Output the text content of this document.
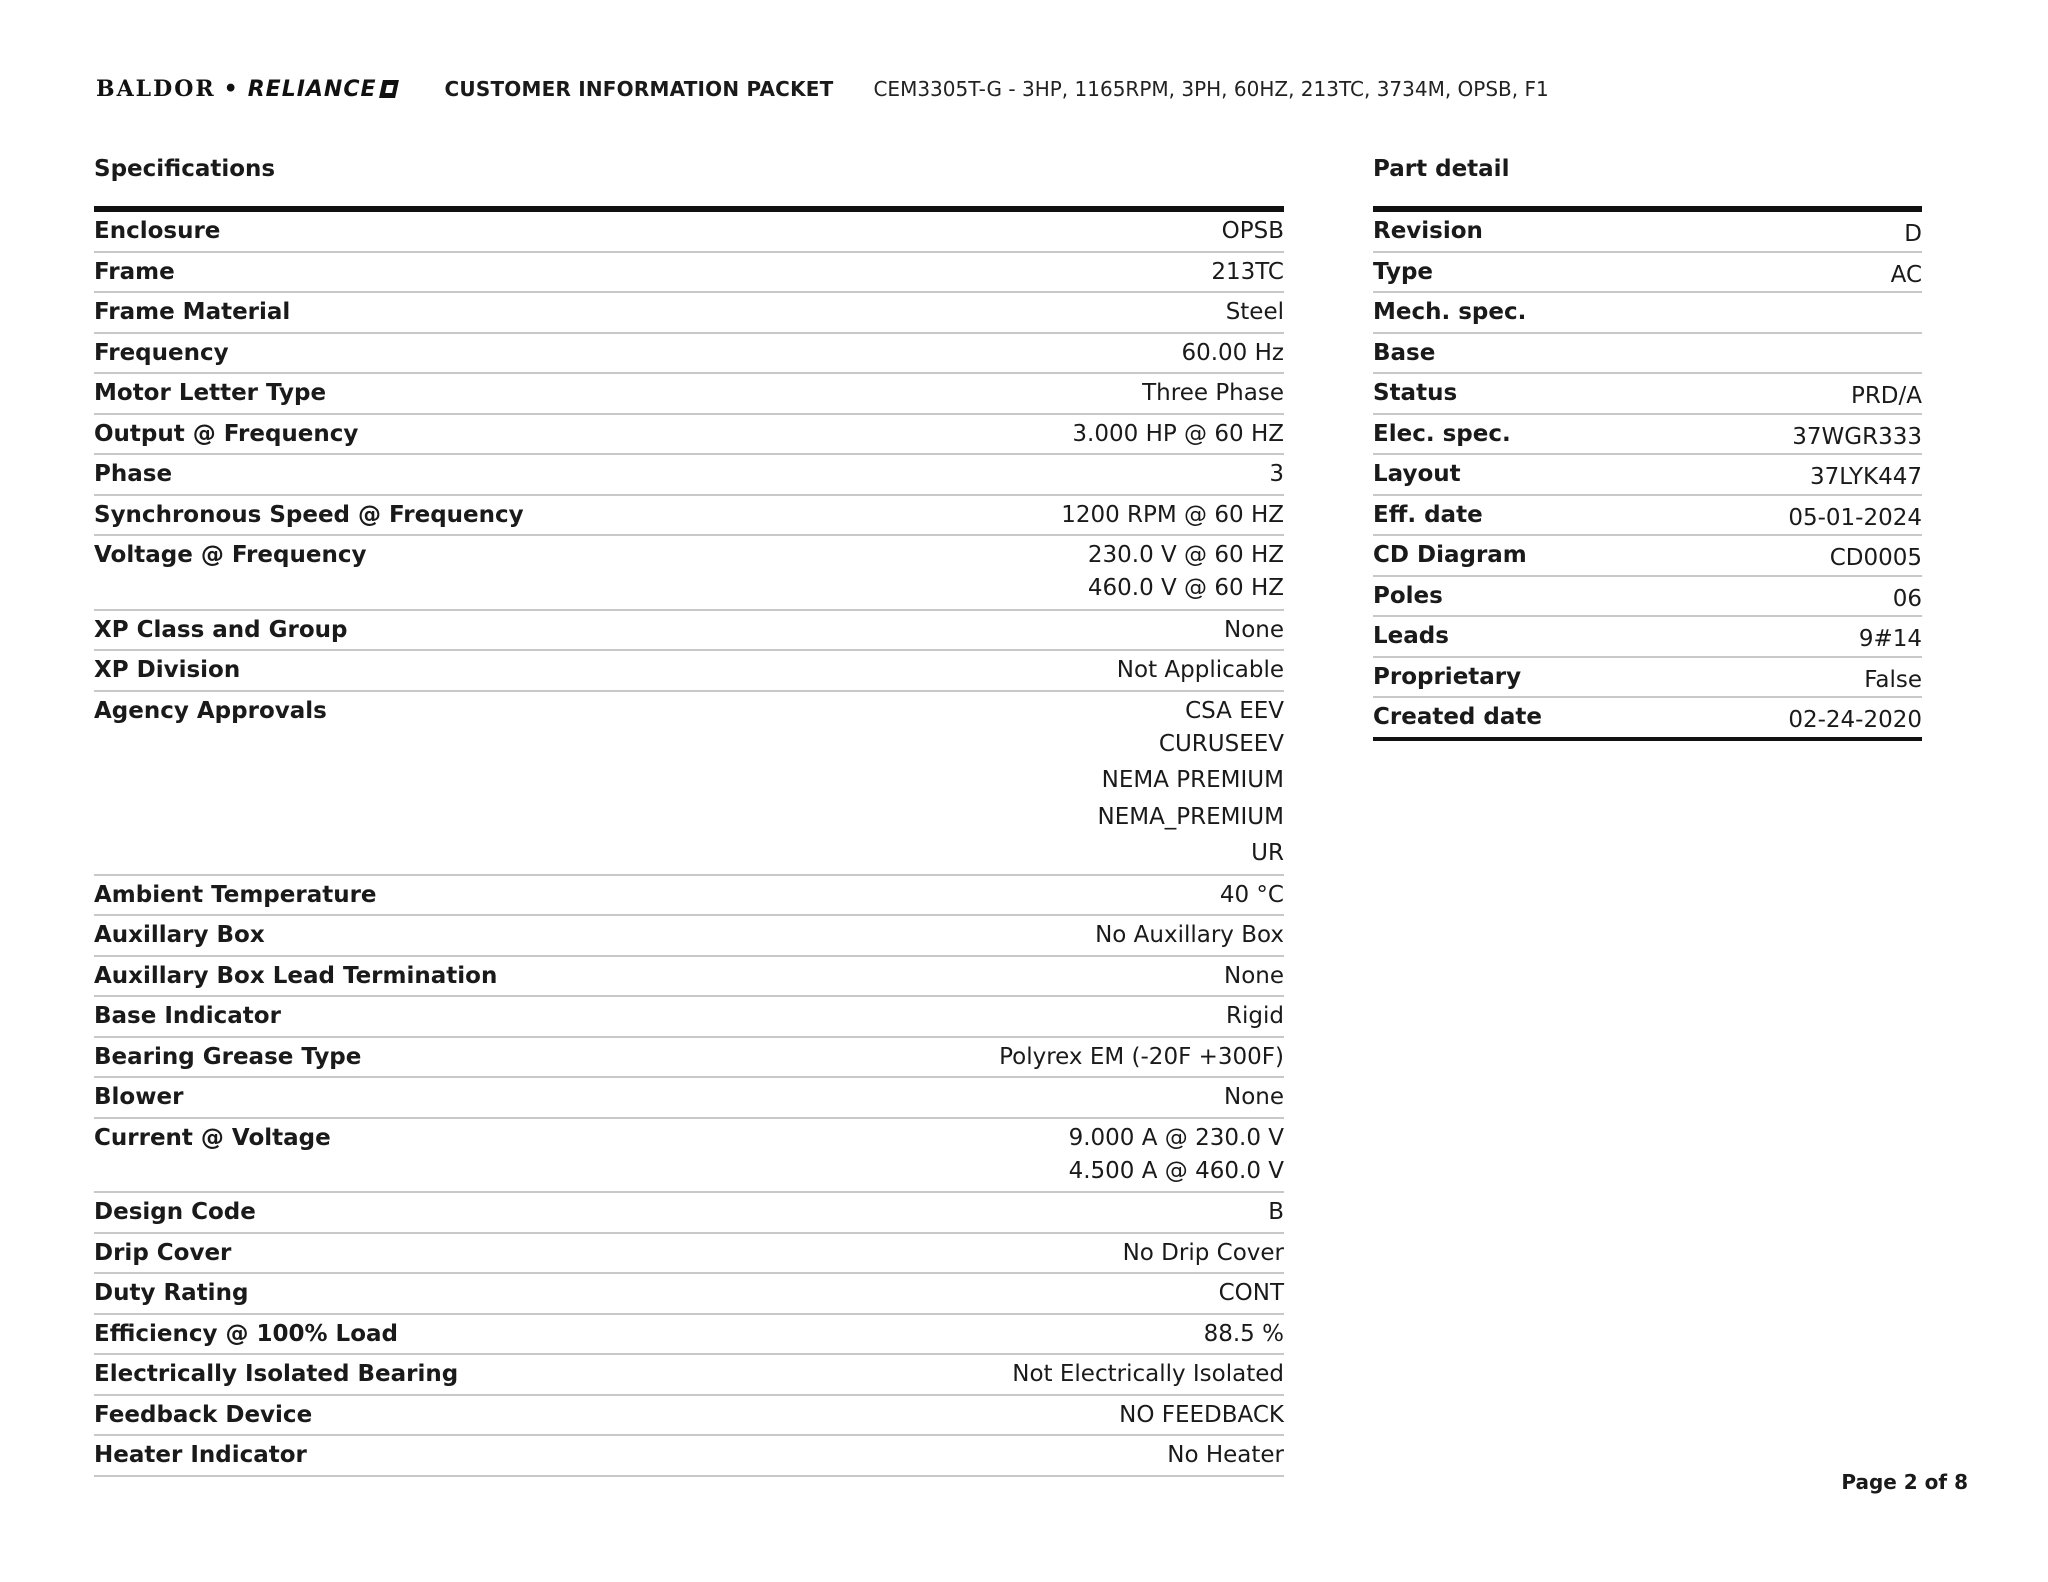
BALDOR • RELIANCE	CUSTOMER INFORMATION PACKET CEM3305T-G - 3HP, 1165RPM, 3PH, 60HZ, 213TC, 3734M, OPSB, F1
Specifications	Part detail
Enclosure	OPSB
Frame	213TC
Frame Material	Steel
Frequency	60.00 Hz
Motor Letter Type	Three Phase
Output @ Frequency	3.000 HP @ 60 HZ
Phase	3
Synchronous Speed @ Frequency	1200 RPM @ 60 HZ
Voltage @ Frequency	230.0 V @ 60 HZ
460.0 V @ 60 HZ
XP Class and Group	None
XP Division	Not Applicable
Agency Approvals	CSA EEV
CURUSEEV
NEMA PREMIUM
NEMA_PREMIUM
UR
Ambient Temperature	40 °C
Auxillary Box	No Auxillary Box
Auxillary Box Lead Termination	None
Base Indicator	Rigid
Bearing Grease Type	Polyrex EM (-20F +300F)
Blower	None
Current @ Voltage	9.000 A @ 230.0 V
4.500 A @ 460.0 V
Design Code	B
Drip Cover	No Drip Cover
Duty Rating	CONT
Efficiency @ 100% Load	88.5 %
Electrically Isolated Bearing	Not Electrically Isolated
Feedback Device	NO FEEDBACK
Heater Indicator	No Heater
Revision	D
Type	AC
Mech. spec.
Base
Status	PRD/A
Elec. spec.	37WGR333
Layout	37LYK447
Eff. date	05-01-2024
CD Diagram	CD0005
Poles	06
Leads	9#14
Proprietary	False
Created date	02-24-2020
Page 2 of 8
